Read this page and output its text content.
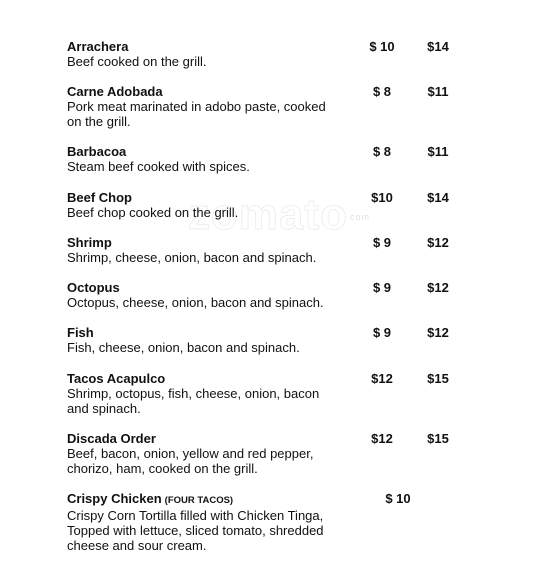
zomato com
Arrachera
Beef cooked on the grill.
$ 10	$14
Carne Adobada
Pork meat marinated in adobo paste, cooked on the grill.
$ 8	$11
Barbacoa
Steam beef cooked with spices.
$ 8	$11
Beef Chop
Beef chop cooked on the grill.
$10	$14
Shrimp
Shrimp, cheese, onion, bacon and spinach.
$ 9	$12
Octopus
Octopus, cheese, onion, bacon and spinach.
$ 9	$12
Fish
Fish, cheese, onion, bacon and spinach.
$ 9	$12
Tacos Acapulco
Shrimp, octopus, fish, cheese, onion, bacon and spinach.
$12	$15
Discada Order
Beef, bacon, onion, yellow and red pepper, chorizo, ham, cooked on the grill.
$12	$15
Crispy Chicken (FOUR TACOS)
Crispy Corn Tortilla filled with Chicken Tinga, Topped with lettuce, sliced tomato, shredded cheese and sour cream.
$ 10
